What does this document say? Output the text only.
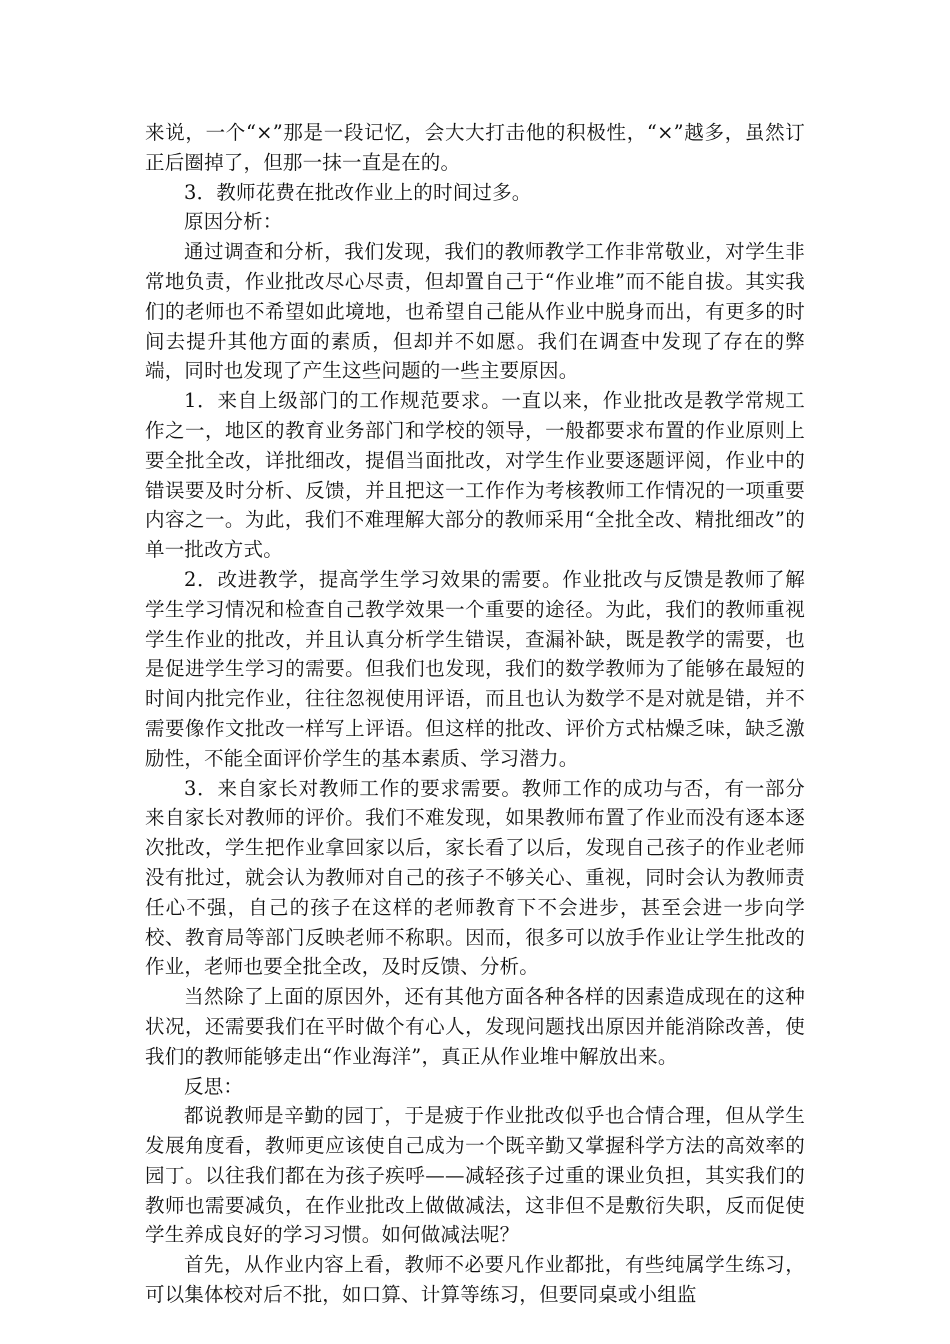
来说，一个“×”那是一段记忆，会大大打击他的积极性，“×”越多，虽然订正后圈掉了，但那一抹一直是在的。

3．教师花费在批改作业上的时间过多。

原因分析：

通过调查和分析，我们发现，我们的教师教学工作非常敬业，对学生非常地负责，作业批改尽心尽责，但却置自己于“作业堆”而不能自拔。其实我们的老师也不希望如此境地，也希望自己能从作业中脱身而出，有更多的时间去提升其他方面的素质，但却并不如愿。我们在调查中发现了存在的弊端，同时也发现了产生这些问题的一些主要原因。

1．来自上级部门的工作规范要求。一直以来，作业批改是教学常规工作之一，地区的教育业务部门和学校的领导，一般都要求布置的作业原则上要全批全改，详批细改，提倡当面批改，对学生作业要逐题评阅，作业中的错误要及时分析、反馈，并且把这一工作作为考核教师工作情况的一项重要内容之一。为此，我们不难理解大部分的教师采用“全批全改、精批细改”的单一批改方式。

2．改进教学，提高学生学习效果的需要。作业批改与反馈是教师了解学生学习情况和检查自己教学效果一个重要的途径。为此，我们的教师重视学生作业的批改，并且认真分析学生错误，查漏补缺，既是教学的需要，也是促进学生学习的需要。但我们也发现，我们的数学教师为了能够在最短的时间内批完作业，往往忽视使用评语，而且也认为数学不是对就是错，并不需要像作文批改一样写上评语。但这样的批改、评价方式枯燥乏味，缺乏激励性，不能全面评价学生的基本素质、学习潜力。

3．来自家长对教师工作的要求需要。教师工作的成功与否，有一部分来自家长对教师的评价。我们不难发现，如果教师布置了作业而没有逐本逐次批改，学生把作业拿回家以后，家长看了以后，发现自己孩子的作业老师没有批过，就会认为教师对自己的孩子不够关心、重视，同时会认为教师责任心不强，自己的孩子在这样的老师教育下不会进步，甚至会进一步向学校、教育局等部门反映老师不称职。因而，很多可以放手作业让学生批改的作业，老师也要全批全改，及时反馈、分析。

当然除了上面的原因外，还有其他方面各种各样的因素造成现在的这种状况，还需要我们在平时做个有心人，发现问题找出原因并能消除改善，使我们的教师能够走出“作业海洋”，真正从作业堆中解放出来。

反思：

都说教师是辛勤的园丁，于是疲于作业批改似乎也合情合理，但从学生发展角度看，教师更应该使自己成为一个既辛勤又掌握科学方法的高效率的园丁。以往我们都在为孩子疾呼——减轻孩子过重的课业负担，其实我们的教师也需要减负，在作业批改上做做减法，这非但不是敷衍失职，反而促使学生养成良好的学习习惯。如何做减法呢？

首先，从作业内容上看，教师不必要凡作业都批，有些纯属学生练习，可以集体校对后不批，如口算、计算等练习，但要同桌或小组监
